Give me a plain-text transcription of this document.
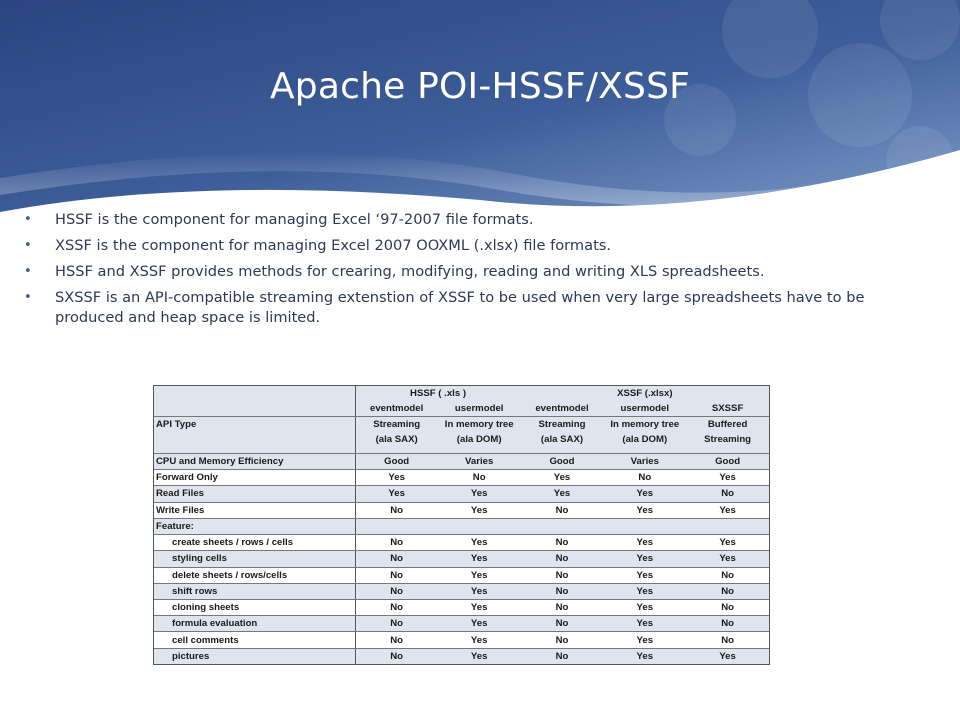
Apache POI-HSSF/XSSF
• HSSF is the component for managing Excel ‘97-2007 file formats.
• XSSF is the component for managing Excel 2007 OOXML (.xlsx) file formats.
• HSSF and XSSF provides methods for crearing, modifying, reading and writing XLS spreadsheets.
• SXSSF is an API-compatible streaming extenstion of XSSF to be used when very large spreadsheets have to be produced and heap space is limited.
	HSSF ( .xls )		XSSF (.xlsx)		
	eventmodel	usermodel	eventmodel	usermodel	SXSSF
API Type	Streaming	In memory tree	Streaming	In memory tree	Buffered
	(ala SAX)	(ala DOM)	(ala SAX)	(ala DOM)	Streaming

CPU and Memory Efficiency	Good	Varies	Good	Varies	Good
Forward Only	Yes	No	Yes	No	Yes
Read Files	Yes	Yes	Yes	Yes	No
Write Files	No	Yes	No	Yes	Yes
Feature:					
create sheets / rows / cells	No	Yes	No	Yes	Yes
styling cells	No	Yes	No	Yes	Yes
delete sheets / rows/cells	No	Yes	No	Yes	No
shift rows	No	Yes	No	Yes	No
cloning sheets	No	Yes	No	Yes	No
formula evaluation	No	Yes	No	Yes	No
cell comments	No	Yes	No	Yes	No
pictures	No	Yes	No	Yes	Yes
